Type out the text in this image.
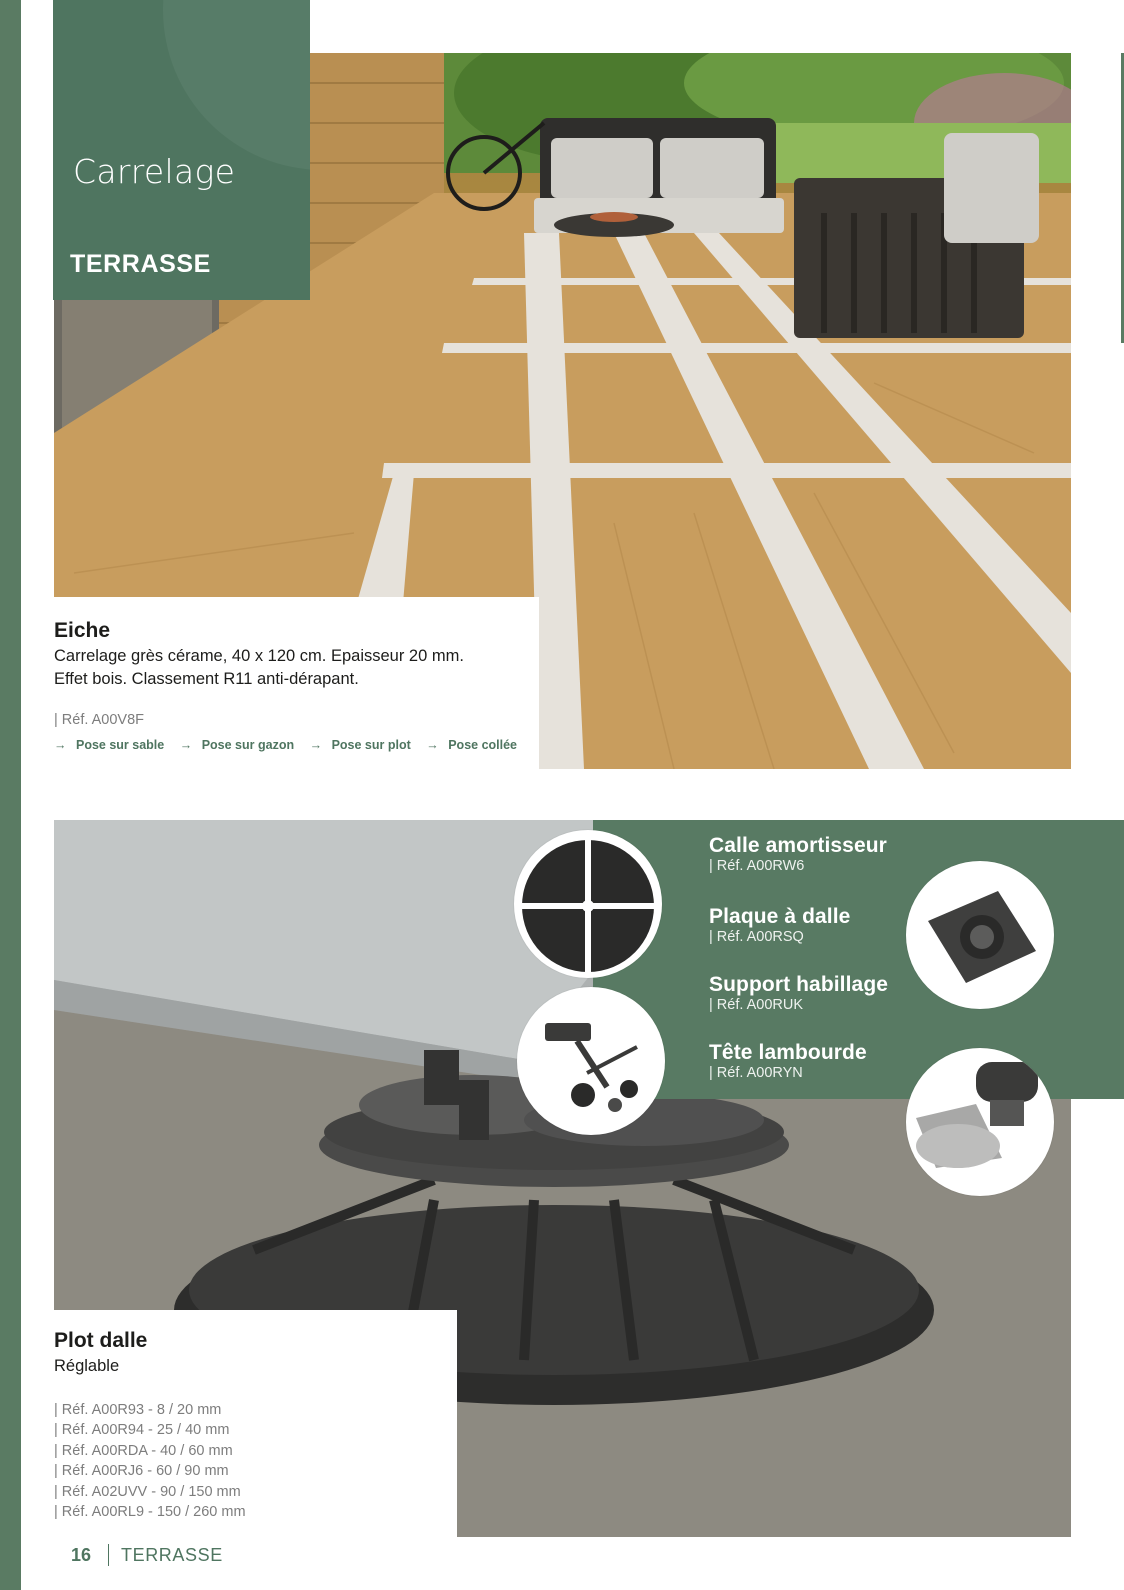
Carrelage
TERRASSE
Eiche
Carrelage grès cérame, 40 x 120 cm. Epaisseur 20 mm.
Effet bois. Classement R11 anti-dérapant.
| Réf. A00V8F
→ Pose sur sable → Pose sur gazon → Pose sur plot → Pose collée
Calle amortisseur
| Réf. A00RW6
Plaque à dalle
| Réf. A00RSQ
Support habillage
| Réf. A00RUK
Tête lambourde
| Réf. A00RYN
Plot dalle
Réglable
| Réf. A00R93 - 8 / 20 mm
| Réf. A00R94 - 25 / 40 mm
| Réf. A00RDA - 40 / 60 mm
| Réf. A00RJ6 - 60 / 90 mm
| Réf. A02UVV - 90 / 150 mm
| Réf. A00RL9 - 150 / 260 mm
16 TERRASSE
